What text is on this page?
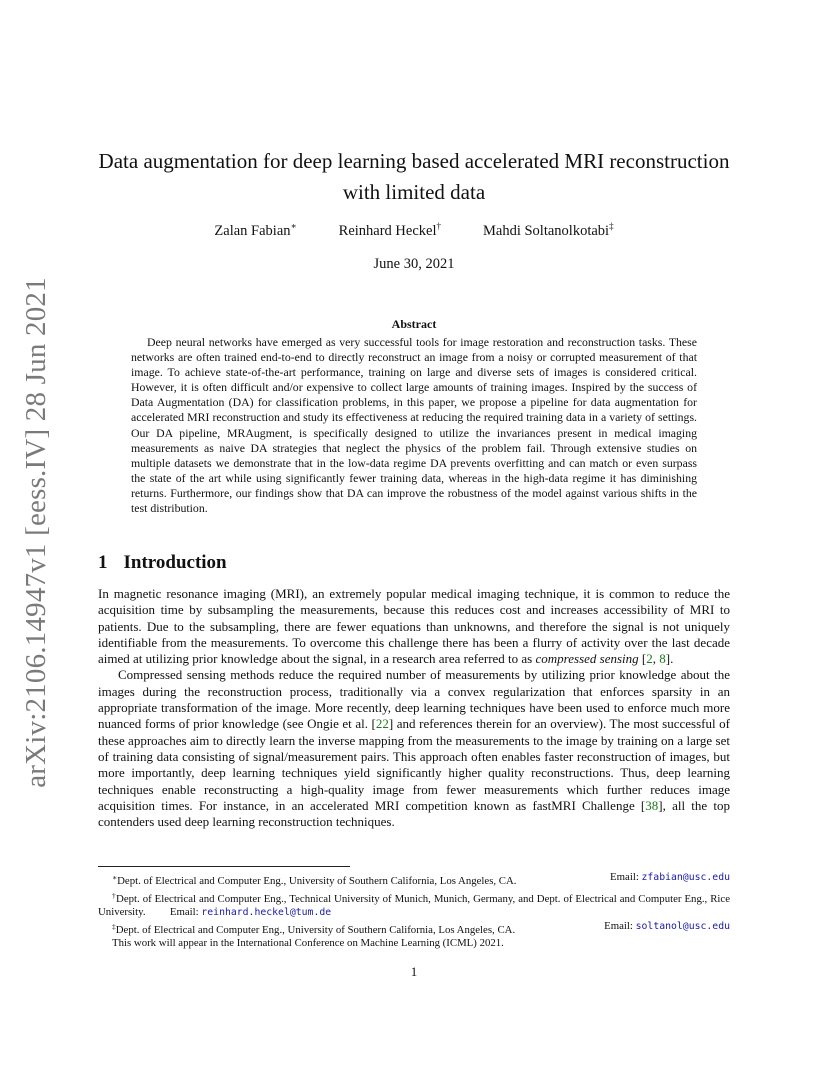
arXiv:2106.14947v1 [eess.IV] 28 Jun 2021
Data augmentation for deep learning based accelerated MRI reconstruction with limited data
Zalan Fabian∗	Reinhard Heckel†	Mahdi Soltanolkotabi‡
June 30, 2021
Abstract
Deep neural networks have emerged as very successful tools for image restoration and reconstruction tasks. These networks are often trained end-to-end to directly reconstruct an image from a noisy or corrupted measurement of that image. To achieve state-of-the-art performance, training on large and diverse sets of images is considered critical. However, it is often difficult and/or expensive to collect large amounts of training images. Inspired by the success of Data Augmentation (DA) for classification problems, in this paper, we propose a pipeline for data augmentation for accelerated MRI reconstruction and study its effectiveness at reducing the required training data in a variety of settings. Our DA pipeline, MRAugment, is specifically designed to utilize the invariances present in medical imaging measurements as naive DA strategies that neglect the physics of the problem fail. Through extensive studies on multiple datasets we demonstrate that in the low-data regime DA prevents overfitting and can match or even surpass the state of the art while using significantly fewer training data, whereas in the high-data regime it has diminishing returns. Furthermore, our findings show that DA can improve the robustness of the model against various shifts in the test distribution.
1 Introduction

In magnetic resonance imaging (MRI), an extremely popular medical imaging technique, it is common to reduce the acquisition time by subsampling the measurements, because this reduces cost and increases accessibility of MRI to patients. Due to the subsampling, there are fewer equations than unknowns, and therefore the signal is not uniquely identifiable from the measurements. To overcome this challenge there has been a flurry of activity over the last decade aimed at utilizing prior knowledge about the signal, in a research area referred to as compressed sensing [2, 8].

Compressed sensing methods reduce the required number of measurements by utilizing prior knowledge about the images during the reconstruction process, traditionally via a convex regularization that enforces sparsity in an appropriate transformation of the image. More recently, deep learning techniques have been used to enforce much more nuanced forms of prior knowledge (see Ongie et al. [22] and references therein for an overview). The most successful of these approaches aim to directly learn the inverse mapping from the measurements to the image by training on a large set of training data consisting of signal/measurement pairs. This approach often enables faster reconstruction of images, but more importantly, deep learning techniques yield significantly higher quality reconstructions. Thus, deep learning techniques enable reconstructing a high-quality image from fewer measurements which further reduces image acquisition times. For instance, in an accelerated MRI competition known as fastMRI Challenge [38], all the top contenders used deep learning reconstruction techniques.

∗Dept. of Electrical and Computer Eng., University of Southern California, Los Angeles, CA.	Email: zfabian@usc.edu
†Dept. of Electrical and Computer Eng., Technical University of Munich, Munich, Germany, and Dept. of Electrical and Computer Eng., Rice University. Email: reinhard.heckel@tum.de
‡Dept. of Electrical and Computer Eng., University of Southern California, Los Angeles, CA.	Email: soltanol@usc.edu
This work will appear in the International Conference on Machine Learning (ICML) 2021.
1
